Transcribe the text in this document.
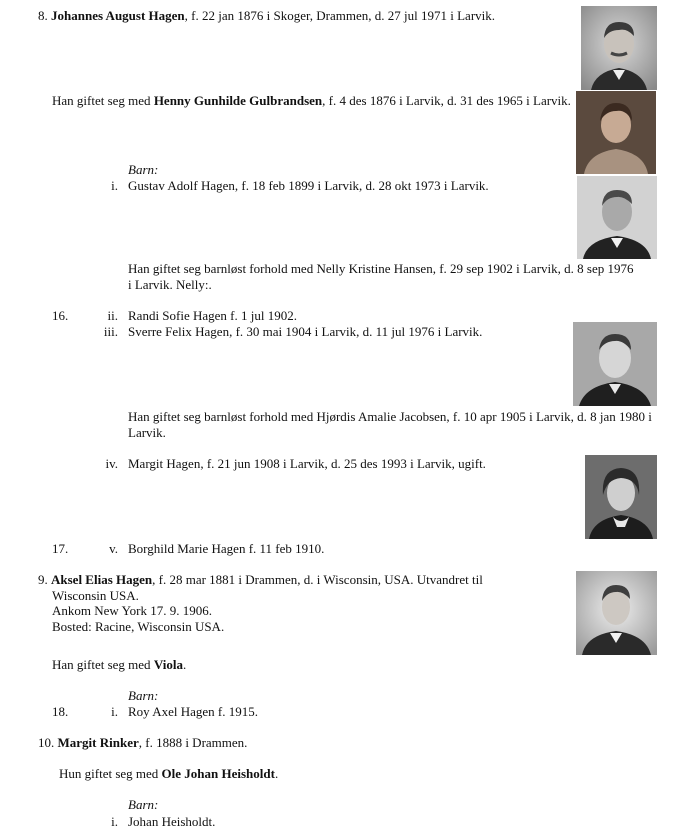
8. Johannes August Hagen, f. 22 jan 1876 i Skoger, Drammen, d. 27 jul 1971 i Larvik.
Han giftet seg med Henny Gunhilde Gulbrandsen, f. 4 des 1876 i Larvik, d. 31 des 1965 i Larvik.
Barn:
i. Gustav Adolf Hagen, f. 18 feb 1899 i Larvik, d. 28 okt 1973 i Larvik.
Han giftet seg barnløst forhold med Nelly Kristine Hansen, f. 29 sep 1902 i Larvik, d. 8 sep 1976 i Larvik. Nelly:.
16.	ii. Randi Sofie Hagen f. 1 jul 1902.
iii. Sverre Felix Hagen, f. 30 mai 1904 i Larvik, d. 11 jul 1976 i Larvik.
Han giftet seg barnløst forhold med Hjørdis Amalie Jacobsen, f. 10 apr 1905 i Larvik, d. 8 jan 1980 i Larvik.
iv. Margit Hagen, f. 21 jun 1908 i Larvik, d. 25 des 1993 i Larvik, ugift.
17.	v. Borghild Marie Hagen f. 11 feb 1910.
9. Aksel Elias Hagen, f. 28 mar 1881 i Drammen, d. i Wisconsin, USA. Utvandret til
Wisconsin USA.
Ankom New York 17. 9. 1906.
Bosted: Racine, Wisconsin USA.
Han giftet seg med Viola.
Barn:
18.	i. Roy Axel Hagen f. 1915.
10. Margit Rinker, f. 1888 i Drammen.
Hun giftet seg med Ole Johan Heisholdt.
Barn:
i. Johan Heisholdt.
